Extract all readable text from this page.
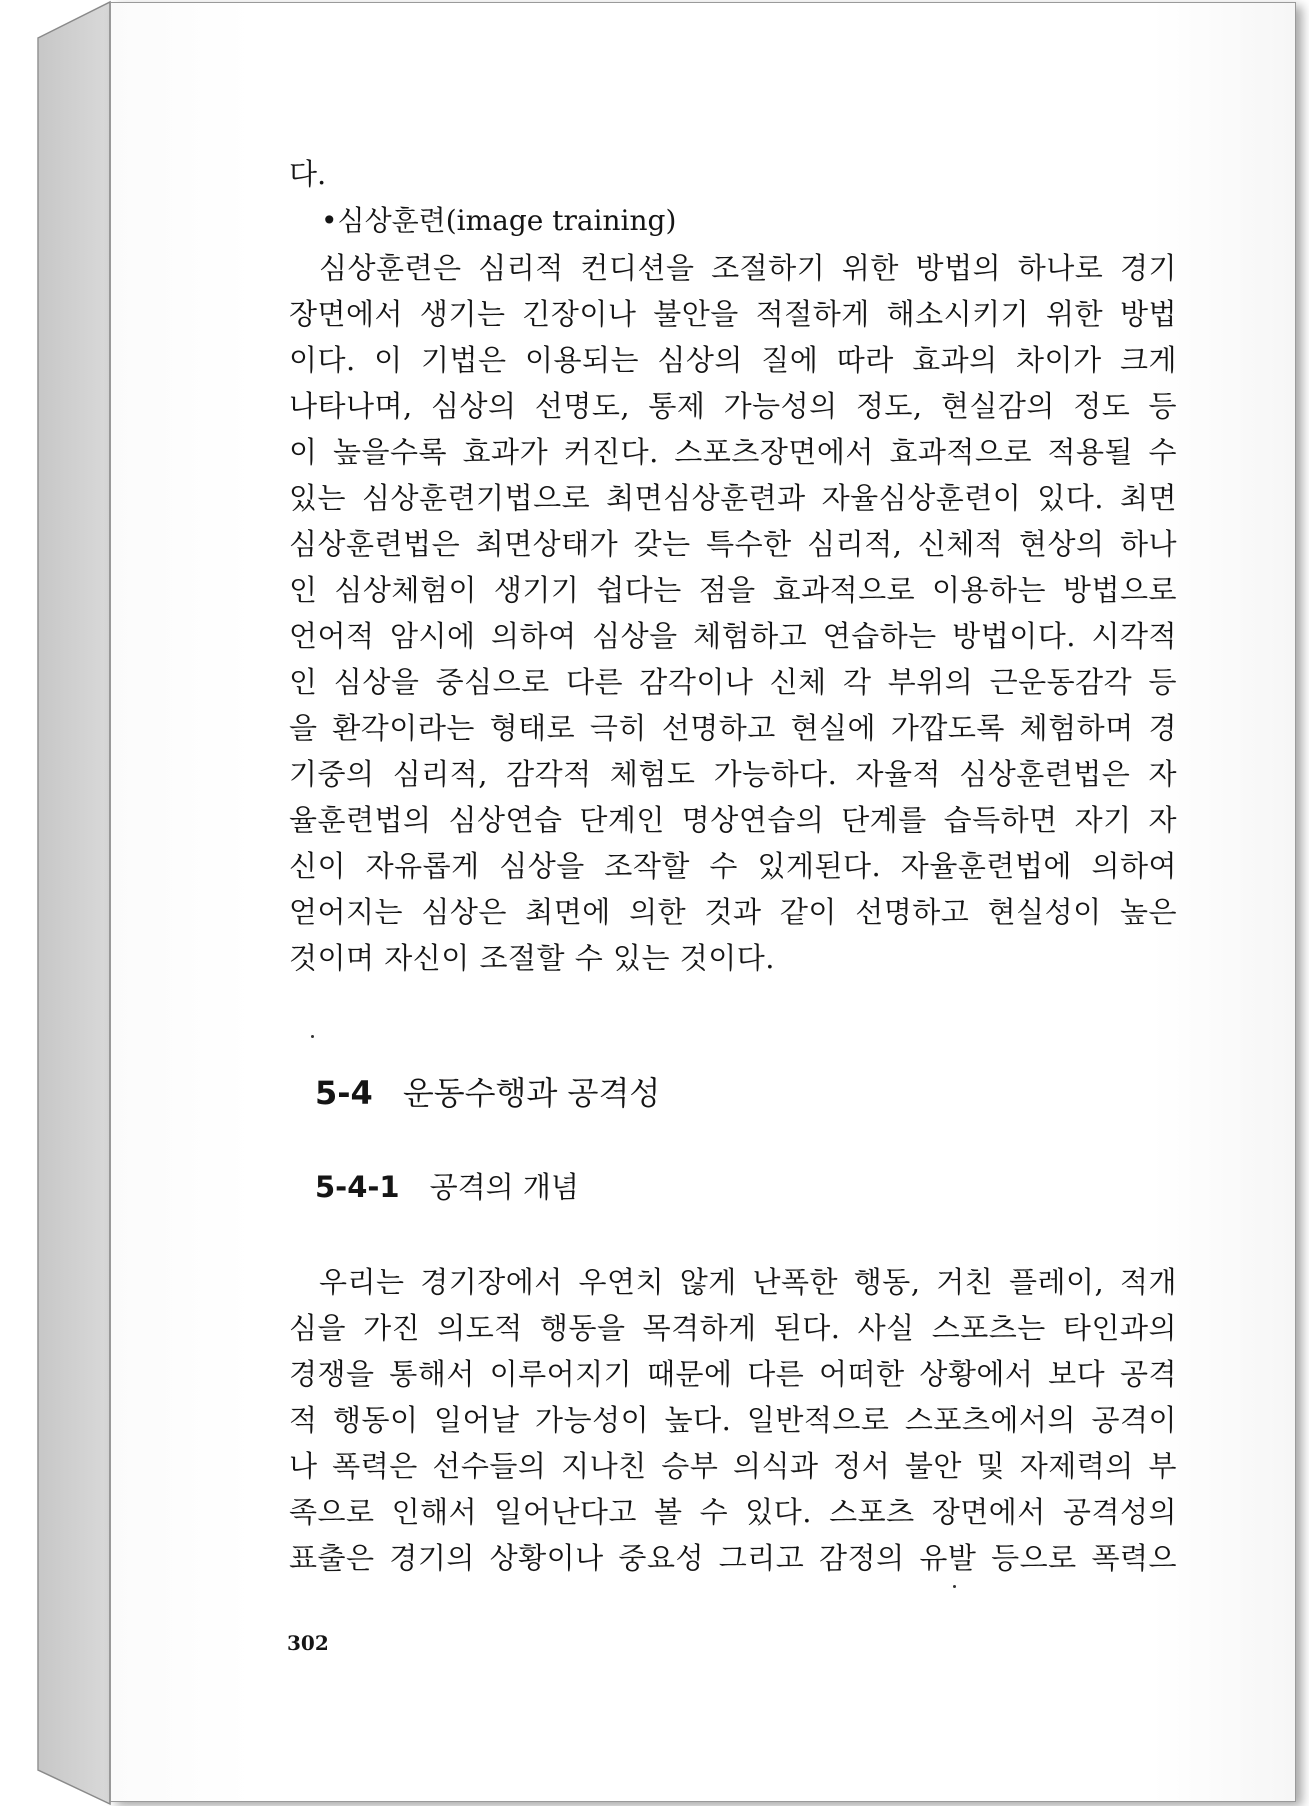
다.
•심상훈련(image training)
심상훈련은 심리적 컨디션을 조절하기 위한 방법의 하나로 경기
장면에서 생기는 긴장이나 불안을 적절하게 해소시키기 위한 방법
이다. 이 기법은 이용되는 심상의 질에 따라 효과의 차이가 크게
나타나며, 심상의 선명도, 통제 가능성의 정도, 현실감의 정도 등
이 높을수록 효과가 커진다. 스포츠장면에서 효과적으로 적용될 수
있는 심상훈련기법으로 최면심상훈련과 자율심상훈련이 있다. 최면
심상훈련법은 최면상태가 갖는 특수한 심리적, 신체적 현상의 하나
인 심상체험이 생기기 쉽다는 점을 효과적으로 이용하는 방법으로
언어적 암시에 의하여 심상을 체험하고 연습하는 방법이다. 시각적
인 심상을 중심으로 다른 감각이나 신체 각 부위의 근운동감각 등
을 환각이라는 형태로 극히 선명하고 현실에 가깝도록 체험하며 경
기중의 심리적, 감각적 체험도 가능하다. 자율적 심상훈련법은 자
율훈련법의 심상연습 단계인 명상연습의 단계를 습득하면 자기 자
신이 자유롭게 심상을 조작할 수 있게된다. 자율훈련법에 의하여
얻어지는 심상은 최면에 의한 것과 같이 선명하고 현실성이 높은
것이며 자신이 조절할 수 있는 것이다.
5-4 운동수행과 공격성
5-4-1 공격의 개념
우리는 경기장에서 우연치 않게 난폭한 행동, 거친 플레이, 적개
심을 가진 의도적 행동을 목격하게 된다. 사실 스포츠는 타인과의
경쟁을 통해서 이루어지기 때문에 다른 어떠한 상황에서 보다 공격
적 행동이 일어날 가능성이 높다. 일반적으로 스포츠에서의 공격이
나 폭력은 선수들의 지나친 승부 의식과 정서 불안 및 자제력의 부
족으로 인해서 일어난다고 볼 수 있다. 스포츠 장면에서 공격성의
표출은 경기의 상황이나 중요성 그리고 감정의 유발 등으로 폭력으
302
